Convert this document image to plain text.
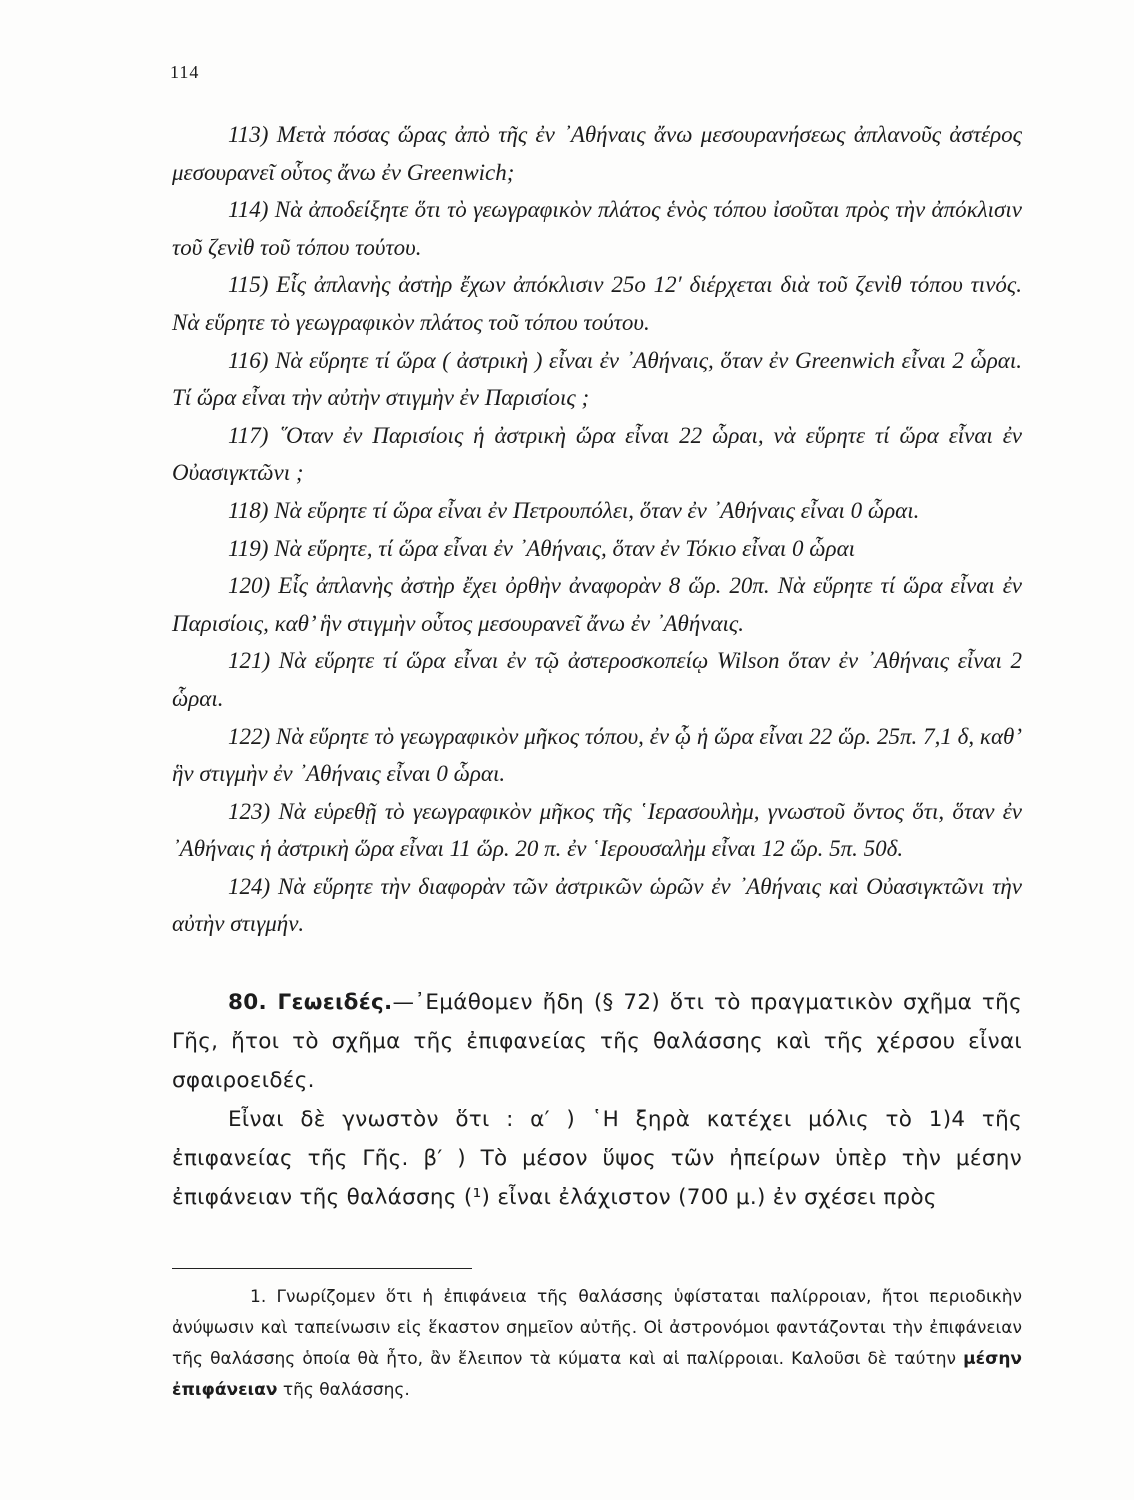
114

113) Μετὰ πόσας ὥρας ἀπὸ τῆς ἐν ᾽Αθήναις ἄνω μεσουρανήσεως ἀπλανοῦς ἀστέρος μεσουρανεῖ οὗτος ἄνω ἐν Greenwich;

114) Νὰ ἀποδείξητε ὅτι τὸ γεωγραφικὸν πλάτος ἑνὸς τόπου ἰσοῦται πρὸς τὴν ἀπόκλισιν τοῦ ζενὶθ τοῦ τόπου τούτου.

115) Εἷς ἀπλανὴς ἀστὴρ ἔχων ἀπόκλισιν 25ο 12′ διέρχεται διὰ τοῦ ζενὶθ τόπου τινός. Νὰ εὕρητε τὸ γεωγραφικὸν πλάτος τοῦ τόπου τούτου.

116) Νὰ εὕρητε τί ὥρα ( ἀστρικὴ ) εἶναι ἐν ᾽Αθήναις, ὅταν ἐν Greenwich εἶναι 2 ὧραι. Τί ὥρα εἶναι τὴν αὐτὴν στιγμὴν ἐν Παρισίοις ;

117) ῞Οταν ἐν Παρισίοις ἡ ἀστρικὴ ὥρα εἶναι 22 ὧραι, νὰ εὕρητε τί ὥρα εἶναι ἐν Οὐασιγκτῶνι ;

118) Νὰ εὕρητε τί ὥρα εἶναι ἐν Πετρουπόλει, ὅταν ἐν ᾽Αθήναις εἶναι 0 ὧραι.

119) Νὰ εὕρητε, τί ὥρα εἶναι ἐν ᾽Αθήναις, ὅταν ἐν Τόκιο εἶναι 0 ὧραι

120) Εἷς ἀπλανὴς ἀστὴρ ἔχει ὀρθὴν ἀναφορὰν 8 ὥρ. 20π. Νὰ εὕρητε τί ὥρα εἶναι ἐν Παρισίοις, καθ’ ἣν στιγμὴν οὗτος μεσουρανεῖ ἄνω ἐν ᾽Αθήναις.

121) Νὰ εὕρητε τί ὥρα εἶναι ἐν τῷ ἀστεροσκοπείῳ Wilson ὅταν ἐν ᾽Αθήναις εἶναι 2 ὧραι.

122) Νὰ εὕρητε τὸ γεωγραφικὸν μῆκος τόπου, ἐν ᾧ ἡ ὥρα εἶναι 22 ὥρ. 25π. 7,1 δ, καθ’ ἣν στιγμὴν ἐν ᾽Αθήναις εἶναι 0 ὧραι.

123) Νὰ εὑρεθῇ τὸ γεωγραφικὸν μῆκος τῆς ῾Ιερασουλὴμ, γνωστοῦ ὄντος ὅτι, ὅταν ἐν ᾽Αθήναις ἡ ἀστρικὴ ὥρα εἶναι 11 ὥρ. 20 π. ἐν ῾Ιερουσαλὴμ εἶναι 12 ὥρ. 5π. 50δ.

124) Νὰ εὕρητε τὴν διαφορὰν τῶν ἀστρικῶν ὡρῶν ἐν ᾽Αθήναις καὶ Οὐασιγκτῶνι τὴν αὐτὴν στιγμήν.

80. Γεωειδές.—᾽Εμάθομεν ἤδη (§ 72) ὅτι τὸ πραγματικὸν σχῆμα τῆς Γῆς, ἤτοι τὸ σχῆμα τῆς ἐπιφανείας τῆς θαλάσσης καὶ τῆς χέρσου εἶναι σφαιροειδές.

Εἶναι δὲ γνωστὸν ὅτι : α′ ) ῾Η ξηρὰ κατέχει μόλις τὸ 1)4 τῆς ἐπιφανείας τῆς Γῆς. β′ ) Τὸ μέσον ὕψος τῶν ἠπείρων ὑπὲρ τὴν μέσην ἐπιφάνειαν τῆς θαλάσσης (¹) εἶναι ἐλάχιστον (700 μ.) ἐν σχέσει πρὸς

1. Γνωρίζομεν ὅτι ἡ ἐπιφάνεια τῆς θαλάσσης ὑφίσταται παλίρροιαν, ἤτοι περιοδικὴν ἀνύψωσιν καὶ ταπείνωσιν εἰς ἕκαστον σημεῖον αὐτῆς. Οἱ ἀστρονόμοι φαντάζονται τὴν ἐπιφάνειαν τῆς θαλάσσης ὁποία θὰ ἦτο, ἂν ἔλειπον τὰ κύματα καὶ αἱ παλίρροιαι. Καλοῦσι δὲ ταύτην μέσην ἐπιφάνειαν τῆς θαλάσσης.
